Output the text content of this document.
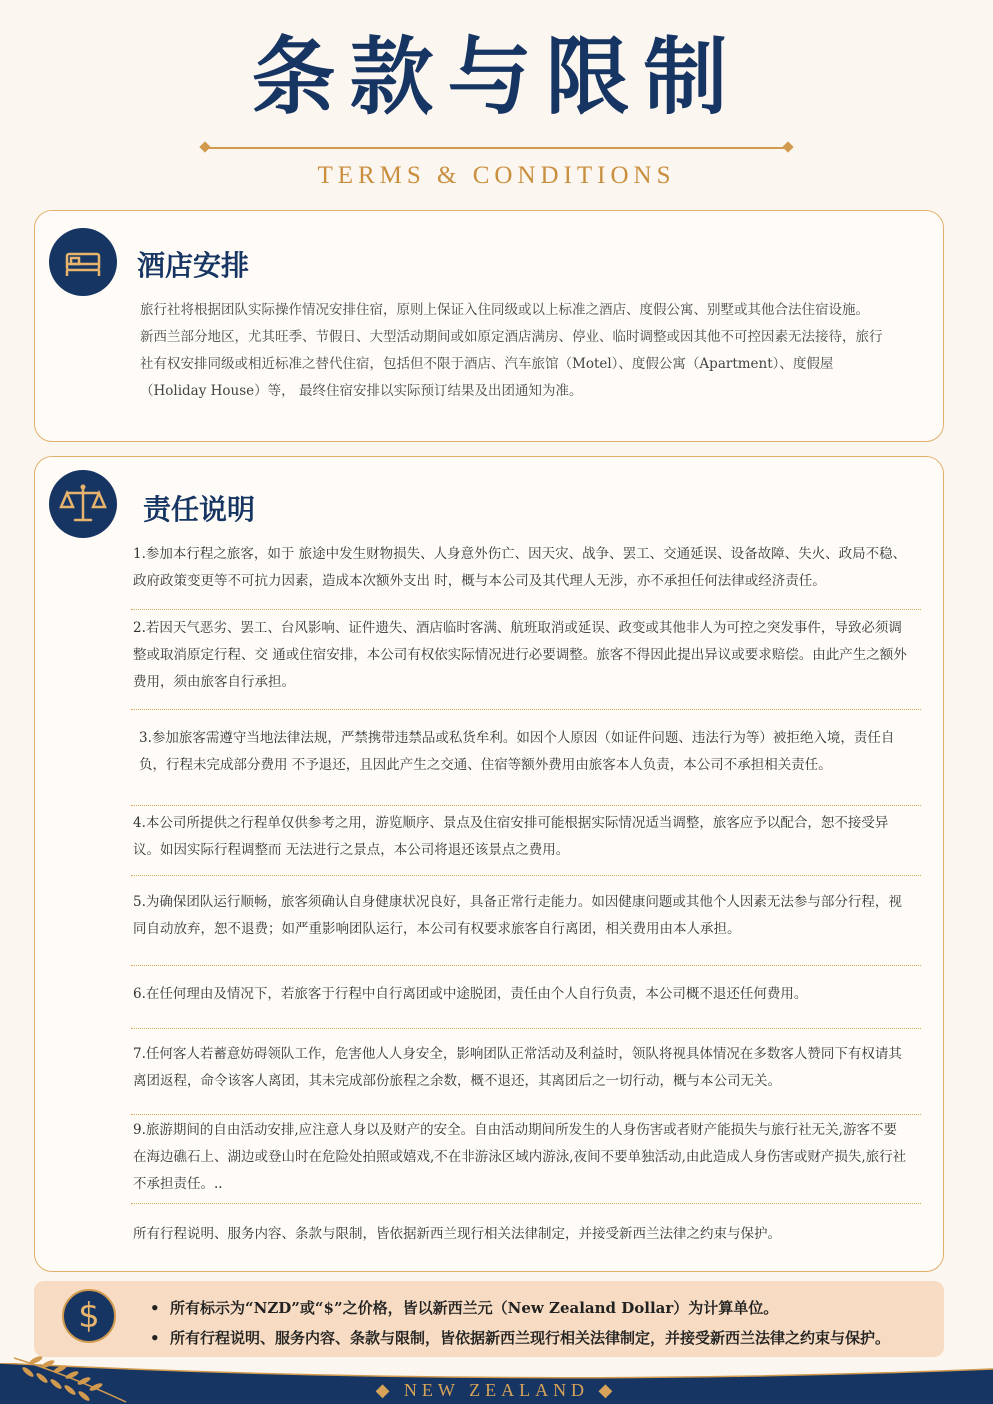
条款与限制
TERMS & CONDITIONS
酒店安排
旅行社将根据团队实际操作情况安排住宿，原则上保证入住同级或以上标准之酒店、度假公寓、别墅或其他合法住宿设施。
新西兰部分地区，尤其旺季、节假日、大型活动期间或如原定酒店满房、停业、临时调整或因其他不可控因素无法接待，旅行社有权安排同级或相近标准之替代住宿，包括但不限于酒店、汽车旅馆（Motel）、度假公寓（Apartment）、度假屋（Holiday House）等， 最终住宿安排以实际预订结果及出团通知为准。
责任说明
1.参加本行程之旅客，如于 旅途中发生财物损失、人身意外伤亡、因天灾、战争、罢工、交通延误、设备故障、失火、政局不稳、政府政策变更等不可抗力因素，造成本次额外支出 时，概与本公司及其代理人无涉，亦不承担任何法律或经济责任。
2.若因天气恶劣、罢工、台风影响、证件遗失、酒店临时客满、航班取消或延误、政变或其他非人为可控之突发事件，导致必须调整或取消原定行程、交 通或住宿安排，本公司有权依实际情况进行必要调整。旅客不得因此提出异议或要求赔偿。由此产生之额外费用，须由旅客自行承担。
3.参加旅客需遵守当地法律法规，严禁携带违禁品或私货牟利。如因个人原因（如证件问题、违法行为等）被拒绝入境，责任自负，行程未完成部分费用 不予退还，且因此产生之交通、住宿等额外费用由旅客本人负责，本公司不承担相关责任。
4.本公司所提供之行程单仅供参考之用，游览顺序、景点及住宿安排可能根据实际情况适当调整，旅客应予以配合，恕不接受异议。如因实际行程调整而 无法进行之景点，本公司将退还该景点之费用。
5.为确保团队运行顺畅，旅客须确认自身健康状况良好，具备正常行走能力。如因健康问题或其他个人因素无法参与部分行程，视同自动放弃，恕不退费；如严重影响团队运行，本公司有权要求旅客自行离团，相关费用由本人承担。
6.在任何理由及情况下，若旅客于行程中自行离团或中途脱团，责任由个人自行负责，本公司概不退还任何费用。
7.任何客人若蓄意妨碍领队工作，危害他人人身安全，影响团队正常活动及利益时，领队将视具体情况在多数客人赞同下有权请其离团返程，命令该客人离团，其未完成部份旅程之余数，概不退还，其离团后之一切行动，概与本公司无关。
9.旅游期间的自由活动安排,应注意人身以及财产的安全。自由活动期间所发生的人身伤害或者财产能损失与旅行社无关,游客不要在海边礁石上、湖边或登山时在危险处拍照或嬉戏,不在非游泳区域内游泳,夜间不要单独活动,由此造成人身伤害或财产损失,旅行社不承担责任。..
所有行程说明、服务内容、条款与限制，皆依据新西兰现行相关法律制定，并接受新西兰法律之约束与保护。
$
•	所有标示为“NZD”或“$”之价格，皆以新西兰元（New Zealand Dollar）为计算单位。
• 所有行程说明、服务内容、条款与限制，皆依据新西兰现行相关法律制定，并接受新西兰法律之约束与保护。
◆ NEW ZEALAND ◆
